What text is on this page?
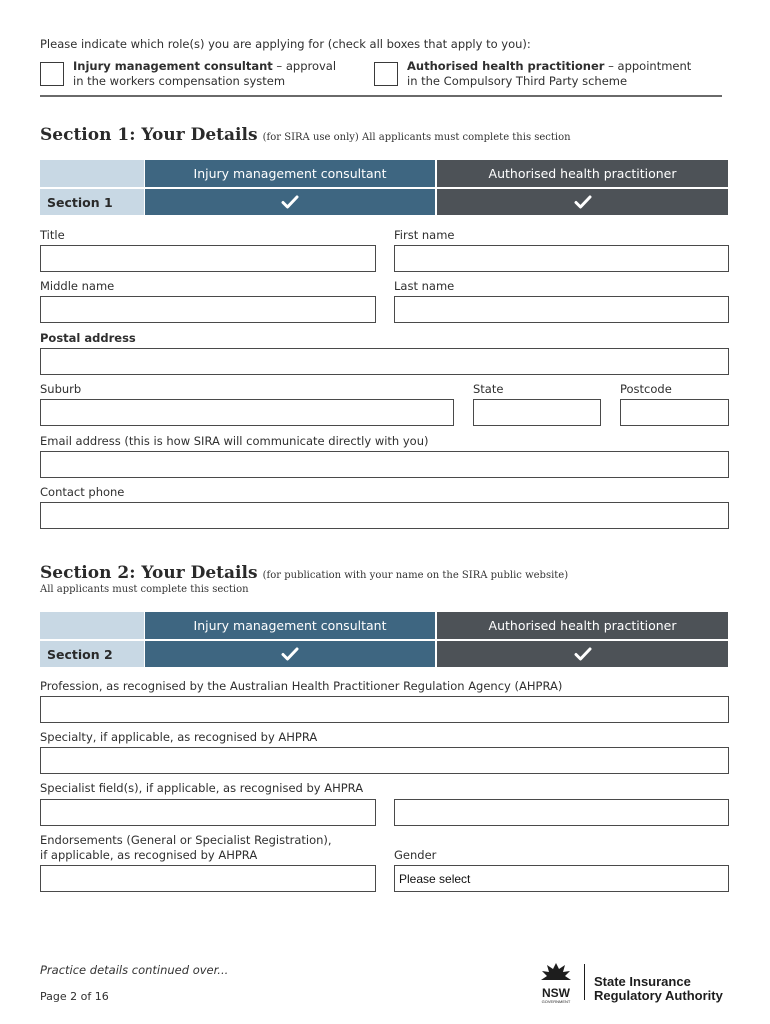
Please indicate which role(s) you are applying for (check all boxes that apply to you):
Injury management consultant – approval
in the workers compensation system
Authorised health practitioner – appointment
in the Compulsory Third Party scheme
Section 1: Your Details (for SIRA use only) All applicants must complete this section
Injury management consultant	Authorised health practitioner
Section 1
Title	First name
Middle name	Last name
Postal address
Suburb	State	Postcode
Email address (this is how SIRA will communicate directly with you)
Contact phone
Section 2: Your Details (for publication with your name on the SIRA public website)
All applicants must complete this section
Injury management consultant	Authorised health practitioner
Section 2
Profession, as recognised by the Australian Health Practitioner Regulation Agency (AHPRA)
Specialty, if applicable, as recognised by AHPRA
Specialist field(s), if applicable, as recognised by AHPRA
Endorsements (General or Specialist Registration),
if applicable, as recognised by AHPRA	Gender
Please select
Practice details continued over...
Page 2 of 16	NSW
GOVERNMENT
State Insurance
Regulatory Authority
